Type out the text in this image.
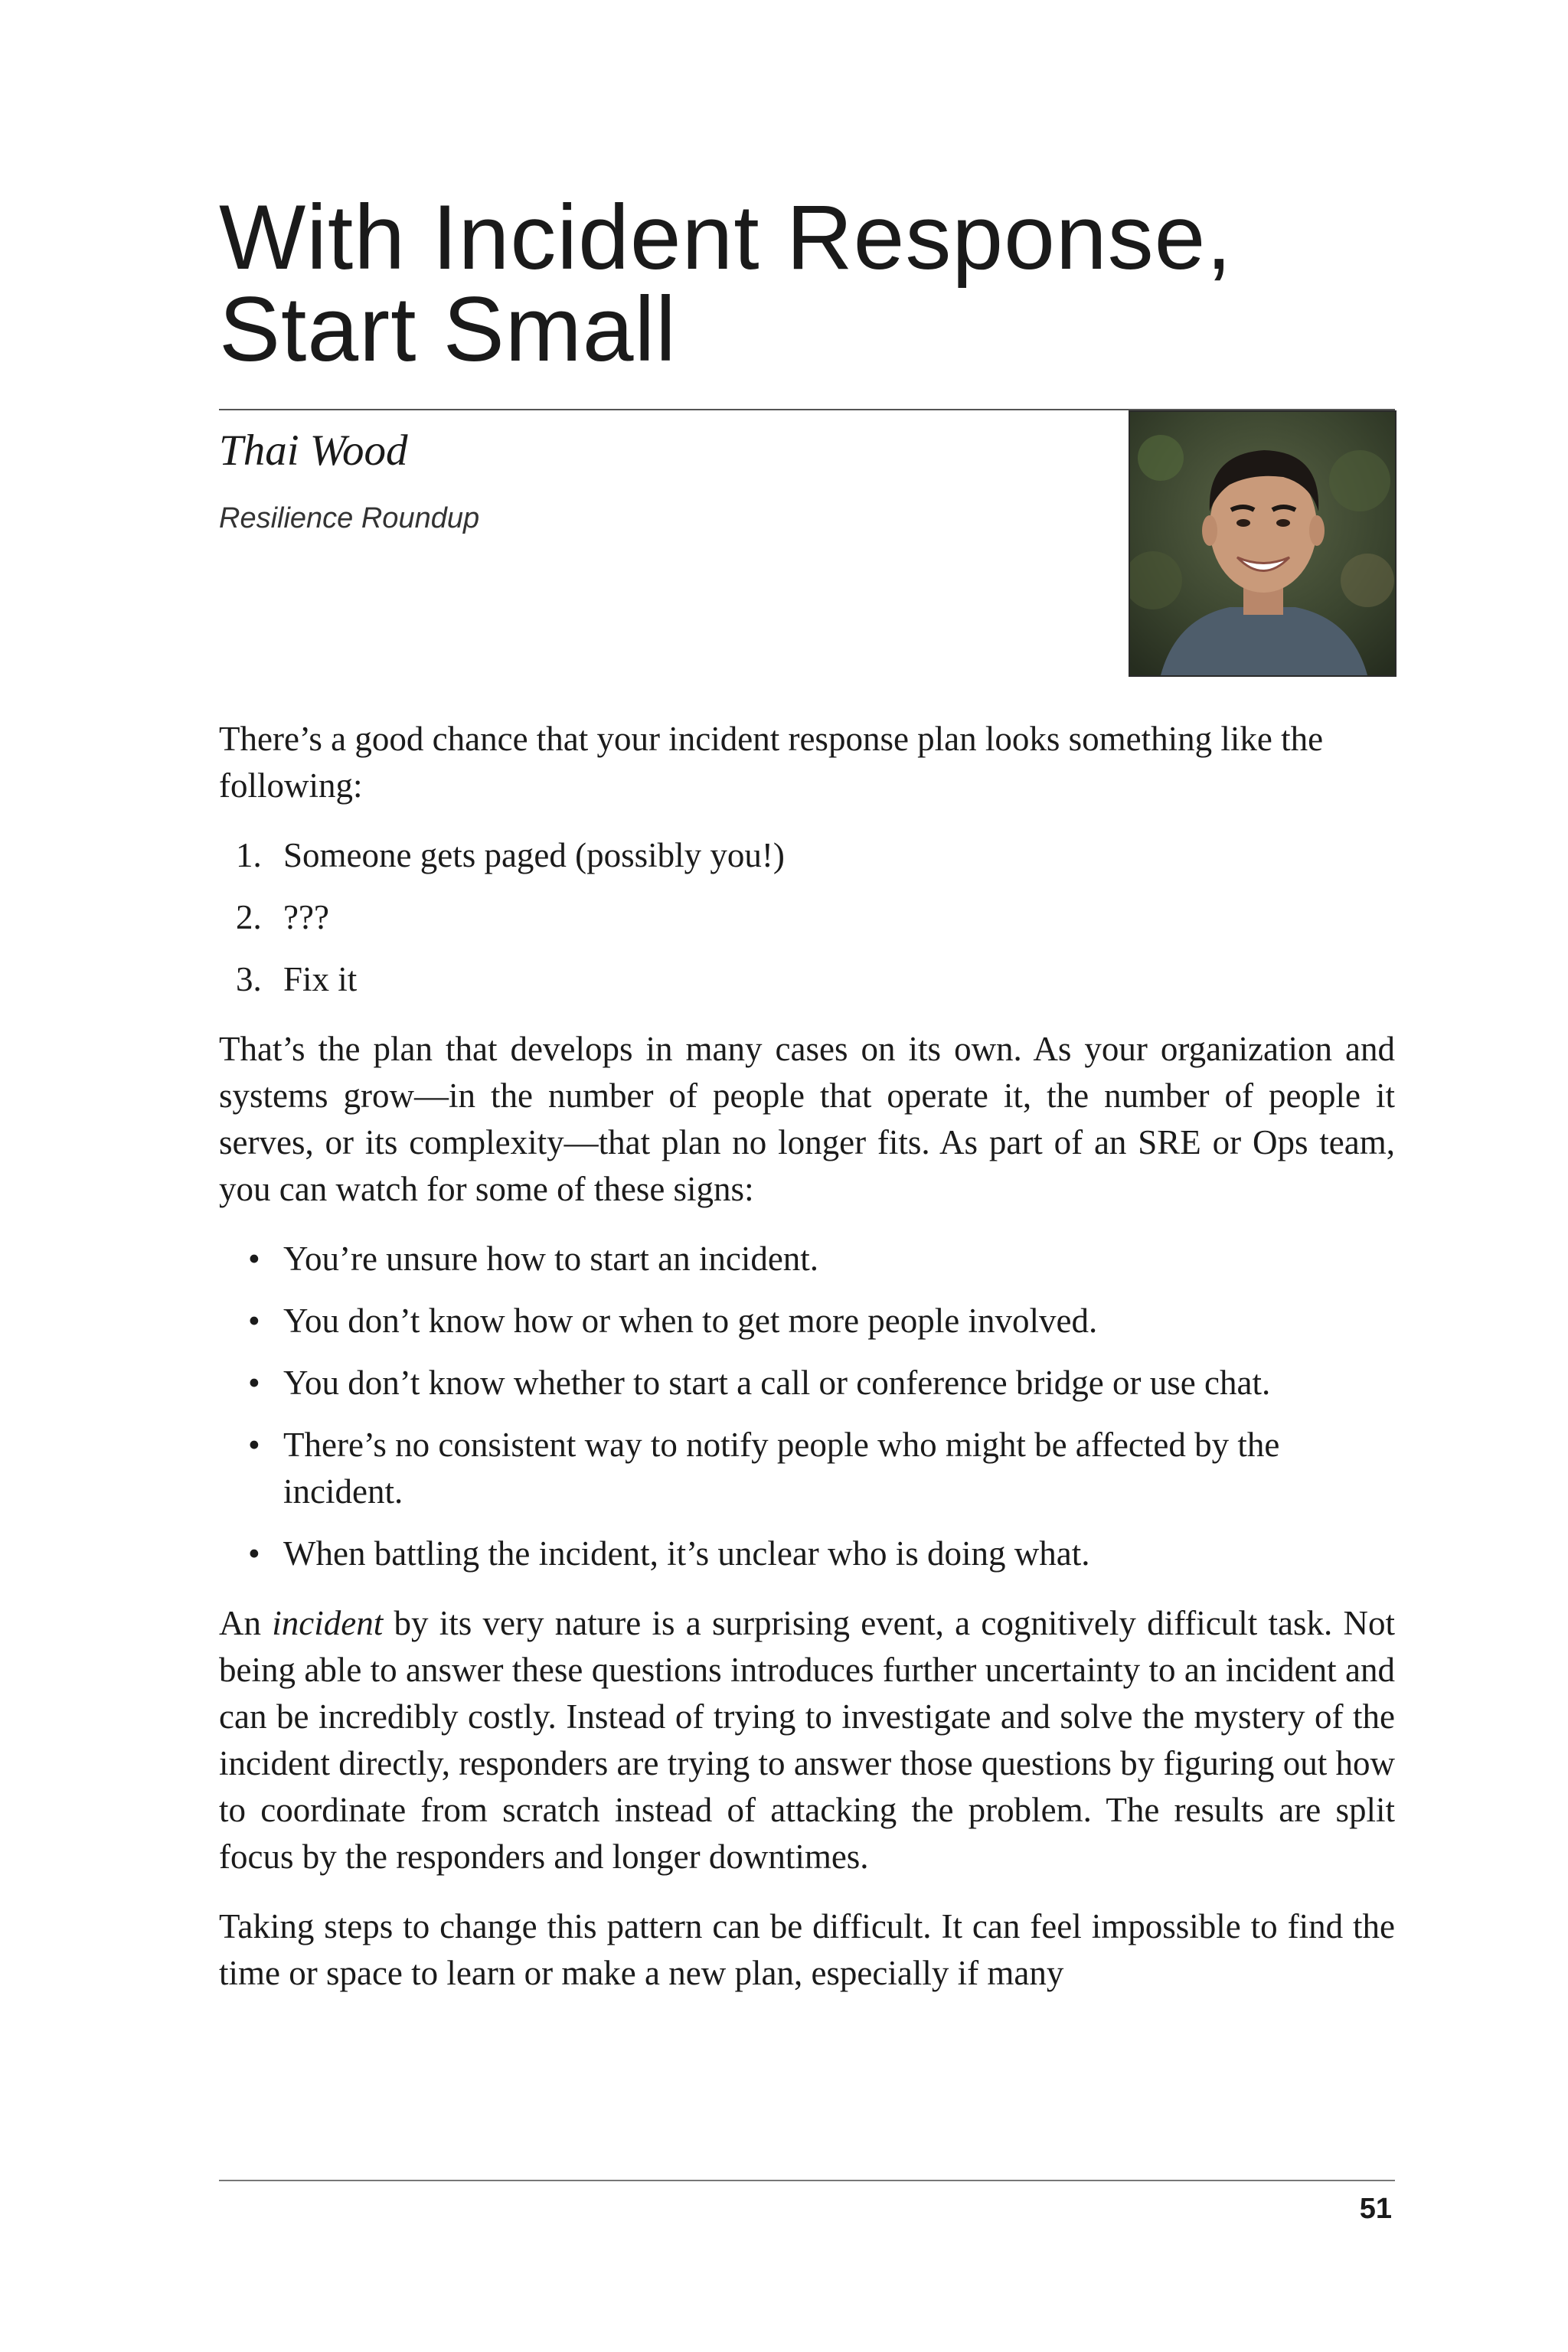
With Incident Response,
Start Small
Thai Wood
Resilience Roundup

There’s a good chance that your incident response plan looks something like the following:

1. Someone gets paged (possibly you!)
2. ???
3. Fix it

That’s the plan that develops in many cases on its own. As your organization and systems grow—in the number of people that operate it, the number of people it serves, or its complexity—that plan no longer fits. As part of an SRE or Ops team, you can watch for some of these signs:

• You’re unsure how to start an incident.
• You don’t know how or when to get more people involved.
• You don’t know whether to start a call or conference bridge or use chat.
• There’s no consistent way to notify people who might be affected by the incident.
• When battling the incident, it’s unclear who is doing what.

An incident by its very nature is a surprising event, a cognitively difficult task. Not being able to answer these questions introduces further uncertainty to an incident and can be incredibly costly. Instead of trying to investigate and solve the mystery of the incident directly, responders are trying to answer those questions by figuring out how to coordinate from scratch instead of attacking the problem. The results are split focus by the responders and longer downtimes.

Taking steps to change this pattern can be difficult. It can feel impossible to find the time or space to learn or make a new plan, especially if many

51
